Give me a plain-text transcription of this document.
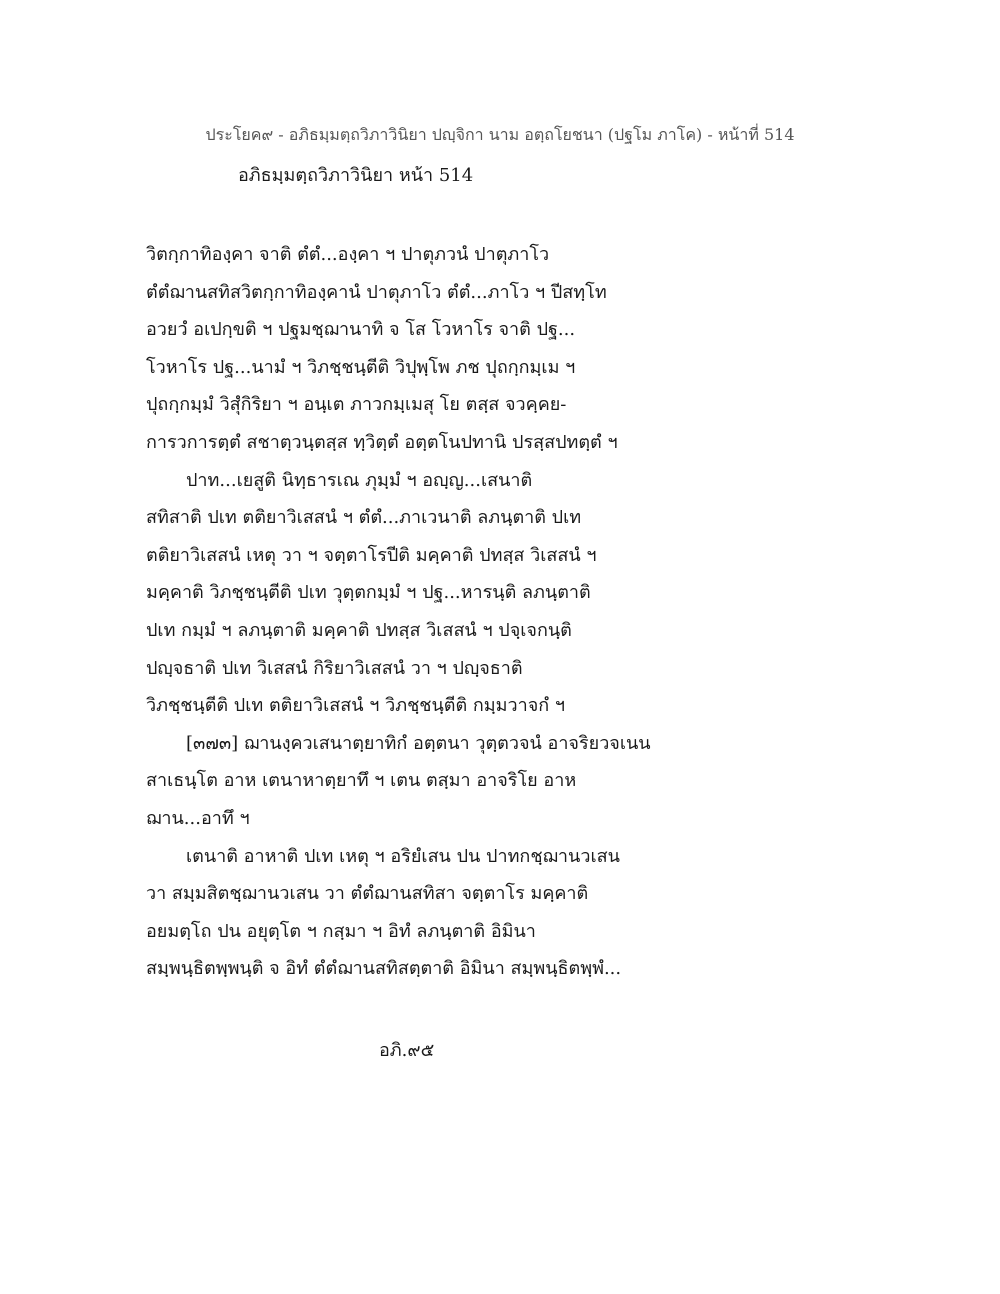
ประโยค๙ - อภิธมฺมตฺถวิภาวินิยา ปญฺจิกา นาม อตฺถโยชนา (ปฐโม ภาโค) - หน้าที่ 514
อภิธมฺมตฺถวิภาวินิยา หน้า 514
วิตกฺกาทิองฺคา จาติ ตํตํ...องฺคา ฯ ปาตุภวนํ ปาตุภาโว
ตํตํฌานสทิสวิตกฺกาทิองฺคานํ ปาตุภาโว ตํตํ...ภาโว ฯ ปีสทฺโท
อวยวํ อเปกฺขติ ฯ ปฐมชฺฌานาทิ จ โส โวหาโร จาติ ปฐ...
โวหาโร ปฐ...นามํ ฯ วิภชฺชนฺตีติ วิปุพฺโพ ภช ปุถกฺกมฺเม ฯ
ปุถกฺกมฺมํ วิสุํกิริยา ฯ อนฺเต ภาวกมฺเมสุ โย ตสฺส จวคฺคย-
การวการตฺตํ สชาตฺวนฺตสฺส ทฺวิตฺตํ อตฺตโนปทานิ ปรสฺสปทตฺตํ ฯ
ปาท...เยสูติ นิทฺธารเณ ภุมฺมํ ฯ อญฺญ...เสนาติ
สทิสาติ ปเท ตติยาวิเสสนํ ฯ ตํตํ...ภาเวนาติ ลภนฺตาติ ปเท
ตติยาวิเสสนํ เหตุ วา ฯ จตฺตาโรปีติ มคฺคาติ ปทสฺส วิเสสนํ ฯ
มคฺคาติ วิภชฺชนฺตีติ ปเท วุตฺตกมฺมํ ฯ ปฐ...หารนฺติ ลภนฺตาติ
ปเท กมฺมํ ฯ ลภนฺตาติ มคฺคาติ ปทสฺส วิเสสนํ ฯ ปจฺเจกนฺติ
ปญฺจธาติ ปเท วิเสสนํ กิริยาวิเสสนํ วา ฯ ปญฺจธาติ
วิภชฺชนฺตีติ ปเท ตติยาวิเสสนํ ฯ วิภชฺชนฺตีติ กมฺมวาจกํ ฯ
[๓๗๓] ฌานงฺควเสนาตฺยาทิกํ อตฺตนา วุตฺตวจนํ อาจริยวจเนน
สาเธนฺโต อาห เตนาหาตฺยาทึ ฯ เตน ตสฺมา อาจริโย อาห
ฌาน...อาทึ ฯ
เตนาติ อาหาติ ปเท เหตุ ฯ อริยํเสน ปน ปาทกชฺฌานวเสน
วา สมฺมสิตชฺฌานวเสน วา ตํตํฌานสทิสา จตฺตาโร มคฺคาติ
อยมตฺโถ ปน อยุตฺโต ฯ กสฺมา ฯ อิทํ ลภนฺตาติ อิมินา
สมฺพนฺธิตพฺพนฺติ จ อิทํ ตํตํฌานสทิสตฺตาติ อิมินา สมฺพนฺธิตพฺพํ...
อภิ.๙๕
